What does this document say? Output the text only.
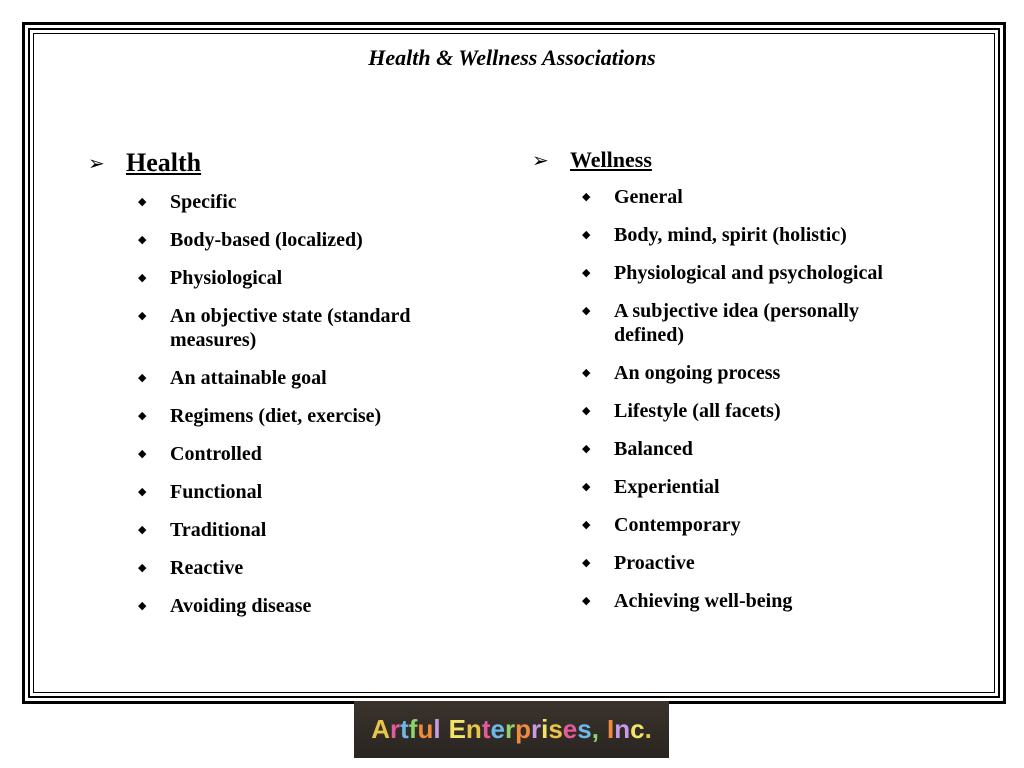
Health & Wellness Associations
➢ Health
◆	Specific
◆	Body-based (localized)
◆	Physiological
◆	An objective state (standard measures)
◆	An attainable goal
◆	Regimens (diet, exercise)
◆	Controlled
◆	Functional
◆	Traditional
◆	Reactive
◆	Avoiding disease
➢ Wellness
◆	General
◆	Body, mind, spirit (holistic)
◆	Physiological and psychological
◆	A subjective idea (personally defined)
◆	An ongoing process
◆	Lifestyle (all facets)
◆	Balanced
◆	Experiential
◆	Contemporary
◆	Proactive
◆	Achieving well-being
Artful Enterprises, Inc.
